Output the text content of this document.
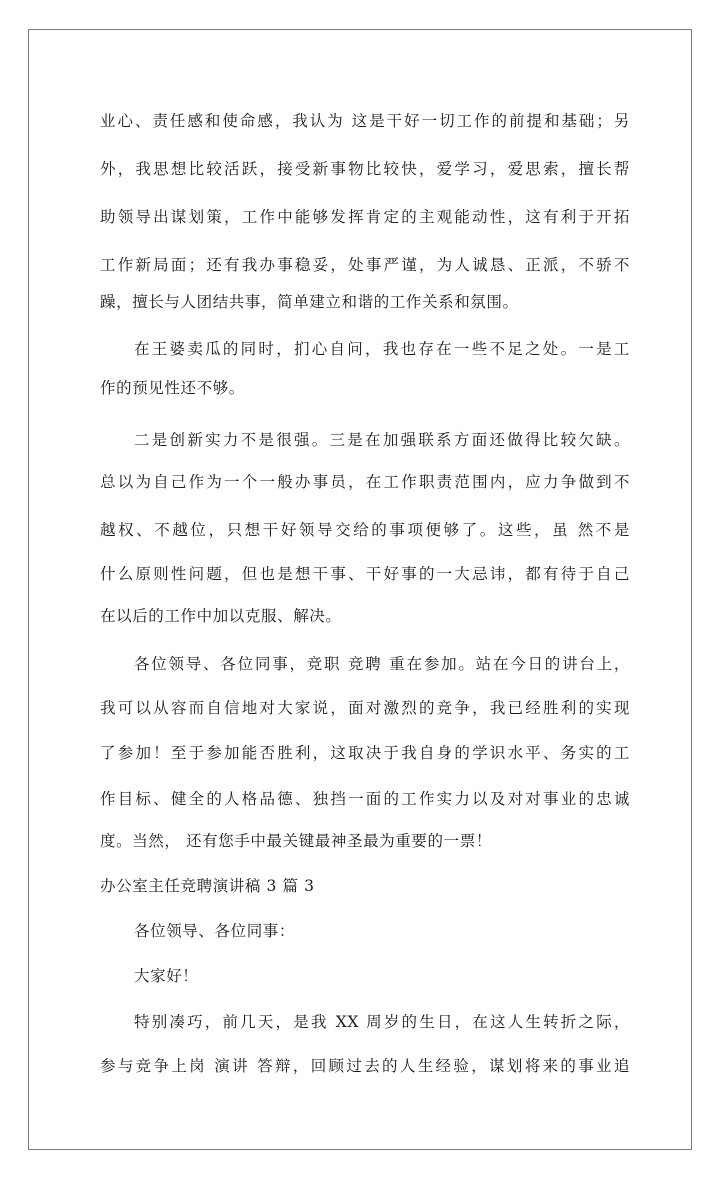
业心、责任感和使命感，我认为 这是干好一切工作的前提和基础；另
外，我思想比较活跃，接受新事物比较快，爱学习，爱思索，擅长帮
助领导出谋划策，工作中能够发挥肯定的主观能动性，这有利于开拓
工作新局面；还有我办事稳妥，处事严谨，为人诚恳、正派，不骄不
躁，擅长与人团结共事，简单建立和谐的工作关系和氛围。
在王婆卖瓜的同时，扪心自问，我也存在一些不足之处。一是工
作的预见性还不够。
二是创新实力不是很强。三是在加强联系方面还做得比较欠缺。
总以为自己作为一个一般办事员，在工作职责范围内，应力争做到不
越权、不越位，只想干好领导交给的事项便够了。这些，虽 然不是
什么原则性问题，但也是想干事、干好事的一大忌讳，都有待于自己
在以后的工作中加以克服、解决。
各位领导、各位同事，竞职 竞聘 重在参加。站在今日的讲台上，
我可以从容而自信地对大家说，面对激烈的竞争，我已经胜利的实现
了参加！至于参加能否胜利，这取决于我自身的学识水平、务实的工
作目标、健全的人格品德、独挡一面的工作实力以及对对事业的忠诚
度。当然， 还有您手中最关键最神圣最为重要的一票！
办公室主任竞聘演讲稿 3 篇 3
各位领导、各位同事：
大家好！
特别凑巧，前几天，是我 XX 周岁的生日，在这人生转折之际，
参与竞争上岗 演讲 答辩，回顾过去的人生经验，谋划将来的事业追
